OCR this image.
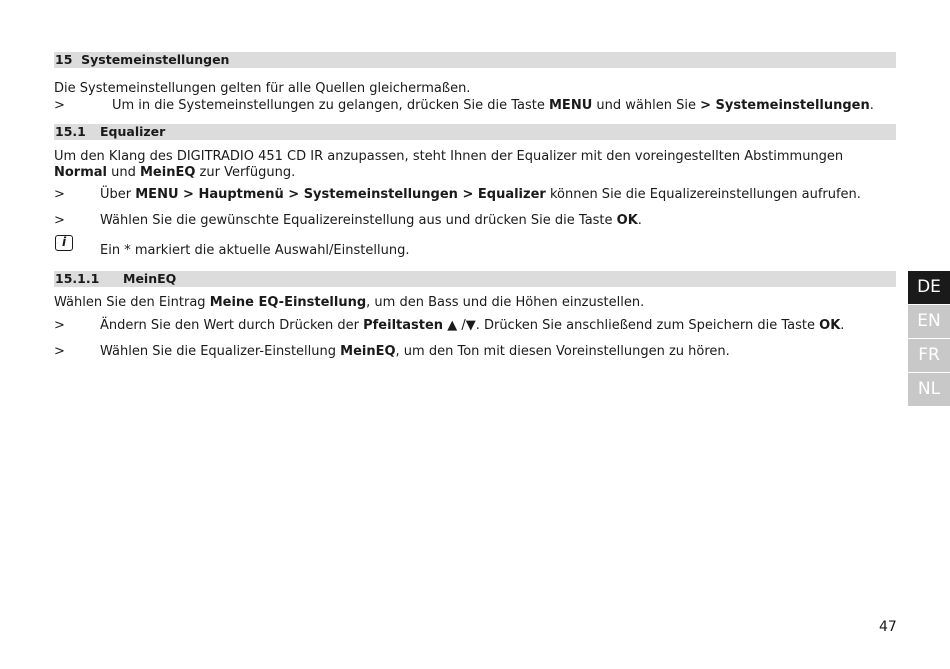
15 Systemeinstellungen
Die Systemeinstellungen gelten für alle Quellen gleichermaßen.
>	Um in die Systemeinstellungen zu gelangen, drücken Sie die Taste MENU und wählen Sie > Systemeinstellungen.
15.1 Equalizer
Um den Klang des DIGITRADIO 451 CD IR anzupassen, steht Ihnen der Equalizer mit den voreingestellten Abstimmungen
Normal und MeinEQ zur Verfügung.
>	Über MENU > Hauptmenü > Systemeinstellungen > Equalizer können Sie die Equalizereinstellungen aufrufen.
>	Wählen Sie die gewünschte Equalizereinstellung aus und drücken Sie die Taste OK.
i
Ein * markiert die aktuelle Auswahl/Einstellung.
15.1.1 MeinEQ
Wählen Sie den Eintrag Meine EQ-Einstellung, um den Bass und die Höhen einzustellen.
>	Ändern Sie den Wert durch Drücken der Pfeiltasten ▲ /▼. Drücken Sie anschließend zum Speichern die Taste OK.
>	Wählen Sie die Equalizer-Einstellung MeinEQ, um den Ton mit diesen Voreinstellungen zu hören.
DE
EN
FR
NL
47
